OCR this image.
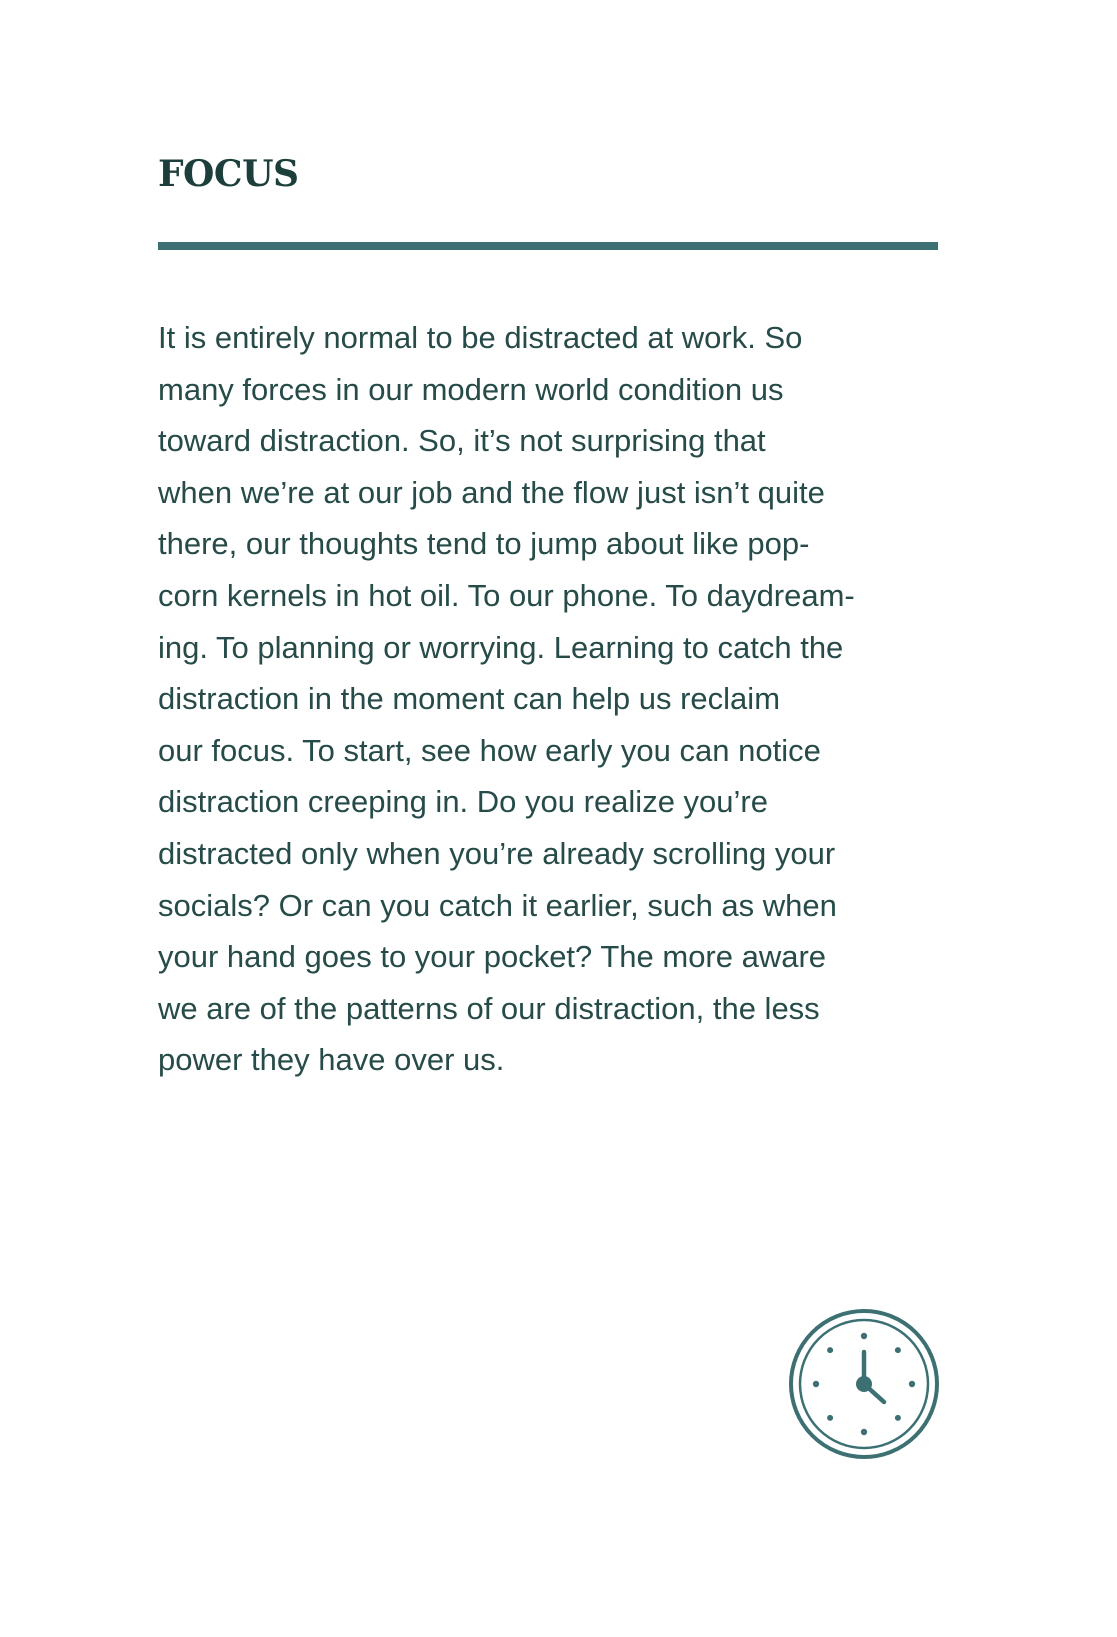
FOCUS

It is entirely normal to be distracted at work. So
many forces in our modern world condition us
toward distraction. So, it’s not surprising that
when we’re at our job and the flow just isn’t quite
there, our thoughts tend to jump about like pop-
corn kernels in hot oil. To our phone. To daydream-
ing. To planning or worrying. Learning to catch the
distraction in the moment can help us reclaim
our focus. To start, see how early you can notice
distraction creeping in. Do you realize you’re
distracted only when you’re already scrolling your
socials? Or can you catch it earlier, such as when
your hand goes to your pocket? The more aware
we are of the patterns of our distraction, the less
power they have over us.
